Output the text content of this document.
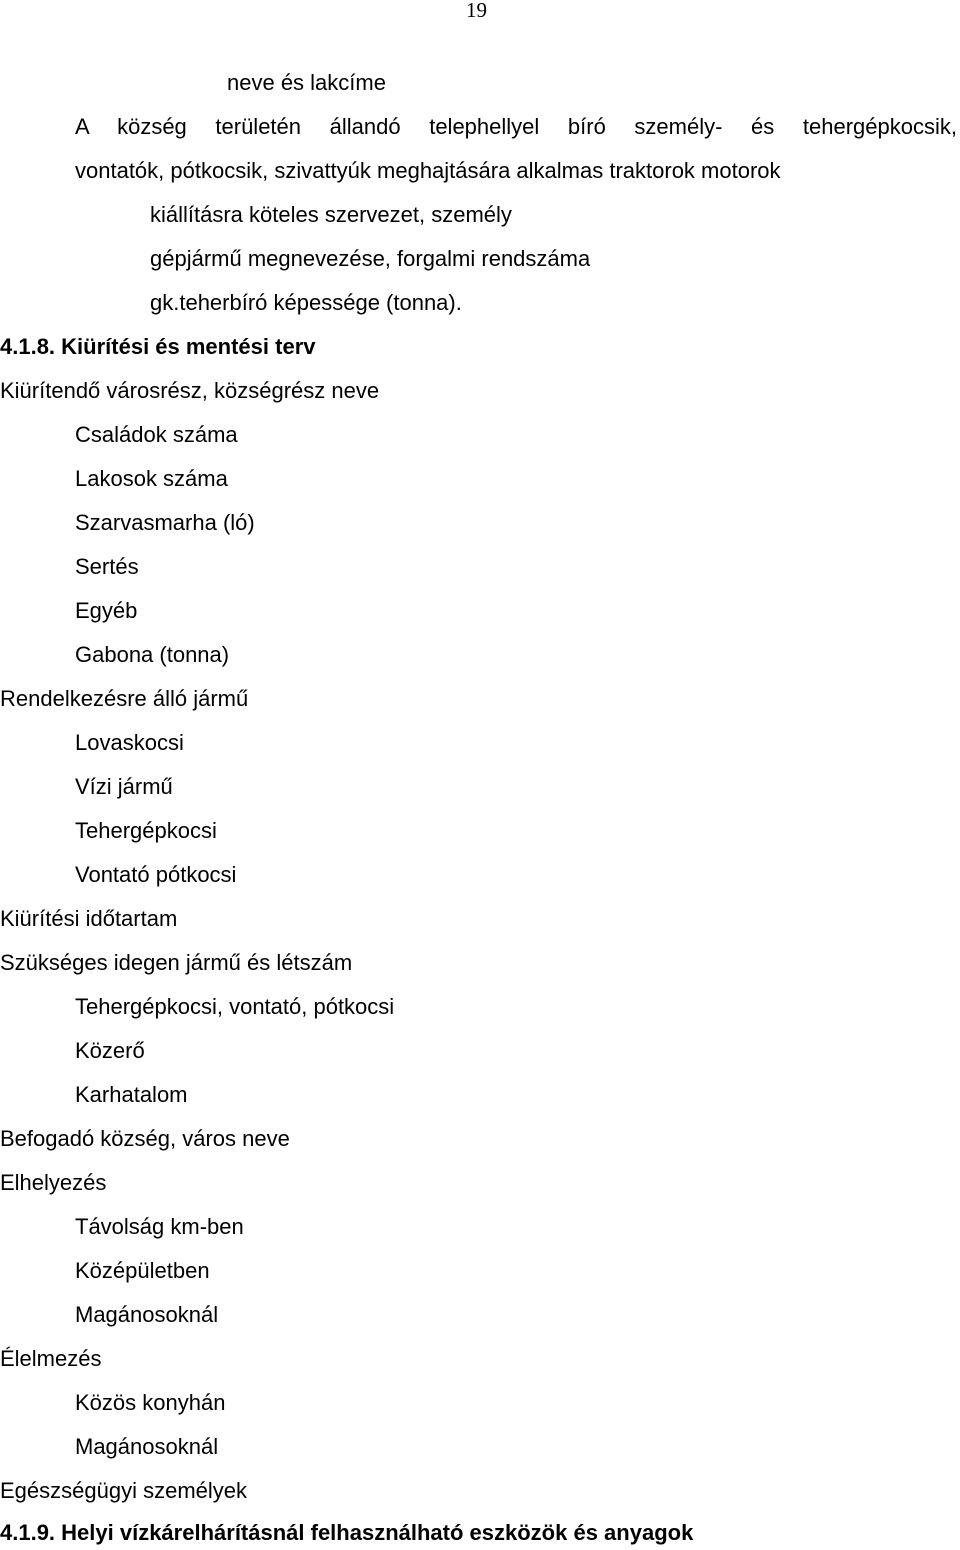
19
neve és lakcíme
A község területén állandó telephellyel bíró személy- és tehergépkocsik,
vontatók, pótkocsik, szivattyúk meghajtására alkalmas traktorok motorok
kiállításra köteles szervezet, személy
gépjármű megnevezése, forgalmi rendszáma
gk.teherbíró képessége (tonna).
4.1.8. Kiürítési és mentési terv
Kiürítendő városrész, községrész neve
Családok száma
Lakosok száma
Szarvasmarha (ló)
Sertés
Egyéb
Gabona (tonna)
Rendelkezésre álló jármű
Lovaskocsi
Vízi jármű
Tehergépkocsi
Vontató pótkocsi
Kiürítési időtartam
Szükséges idegen jármű és létszám
Tehergépkocsi, vontató, pótkocsi
Közerő
Karhatalom
Befogadó község, város neve
Elhelyezés
Távolság km-ben
Középületben
Magánosoknál
Élelmezés
Közös konyhán
Magánosoknál
Egészségügyi személyek
4.1.9. Helyi vízkárelhárításnál felhasználható eszközök és anyagok
